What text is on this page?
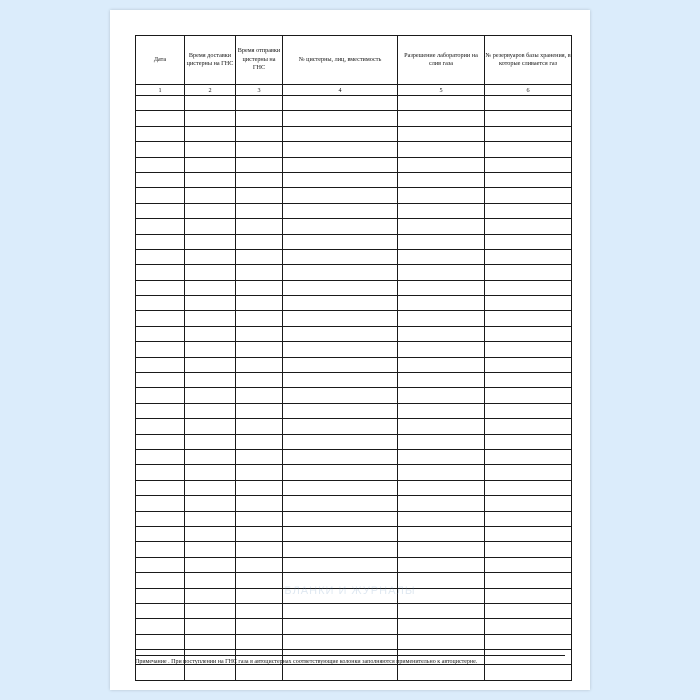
Дата	Время доставки цистерны на ГНС	Время отправки цистерны на ГНС	№ цистерны, лиц, вместимость	Разрешение лаборатории на слив газа	№ резервуаров базы хранения, в которые сливается газ
1	2	3	4	5	6

БЛАНКИ И ЖУРНАЛЫ
Примечание . При поступлении на ГНС газа в автоцистернах соответствующие колонки заполняются применительно к автоцистерне.
